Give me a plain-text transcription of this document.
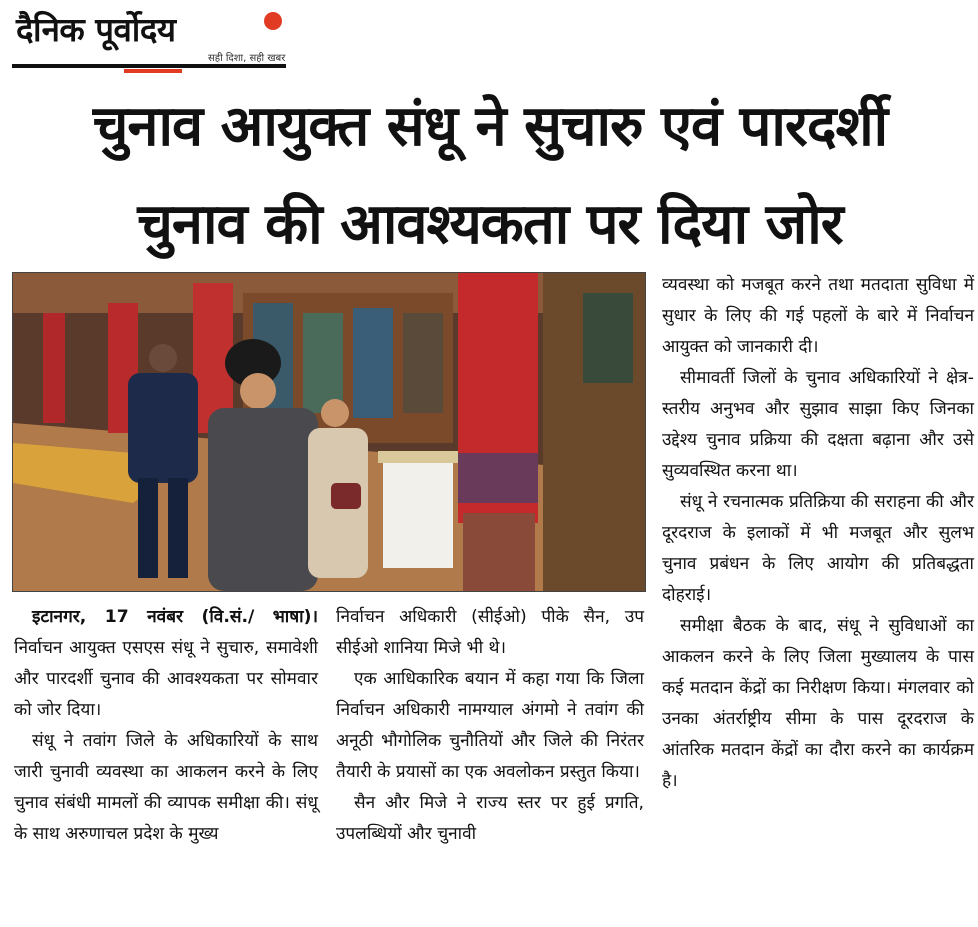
दैनिक पूर्वोदय
सही दिशा, सही खबर
चुनाव आयुक्त संधू ने सुचारु एवं पारदर्शी
चुनाव की आवश्यकता पर दिया जोर

व्यवस्था को मजबूत करने तथा मतदाता सुविधा में सुधार के लिए की गई पहलों के बारे में निर्वाचन आयुक्त को जानकारी दी।

सीमावर्ती जिलों के चुनाव अधिकारियों ने क्षेत्र-स्तरीय अनुभव और सुझाव साझा किए जिनका उद्देश्य चुनाव प्रक्रिया की दक्षता बढ़ाना और उसे सुव्यवस्थित करना था।

संधू ने रचनात्मक प्रतिक्रिया की सराहना की और दूरदराज के इलाकों में भी मजबूत और सुलभ चुनाव प्रबंधन के लिए आयोग की प्रतिबद्धता दोहराई।

समीक्षा बैठक के बाद, संधू ने सुविधाओं का आकलन करने के लिए जिला मुख्यालय के पास कई मतदान केंद्रों का निरीक्षण किया। मंगलवार को उनका अंतर्राष्ट्रीय सीमा के पास दूरदराज के आंतरिक मतदान केंद्रों का दौरा करने का कार्यक्रम है।

इटानगर, 17 नवंबर (वि.सं./ भाषा)। निर्वाचन आयुक्त एसएस संधू ने सुचारु, समावेशी और पारदर्शी चुनाव की आवश्यकता पर सोमवार को जोर दिया।

संधू ने तवांग जिले के अधिकारियों के साथ जारी चुनावी व्यवस्था का आकलन करने के लिए चुनाव संबंधी मामलों की व्यापक समीक्षा की। संधू के साथ अरुणाचल प्रदेश के मुख्य

निर्वाचन अधिकारी (सीईओ) पीके सैन, उप सीईओ शानिया मिजे भी थे।

एक आधिकारिक बयान में कहा गया कि जिला निर्वाचन अधिकारी नामग्याल अंगमो ने तवांग की अनूठी भौगोलिक चुनौतियों और जिले की निरंतर तैयारी के प्रयासों का एक अवलोकन प्रस्तुत किया।

सैन और मिजे ने राज्य स्तर पर हुई प्रगति, उपलब्धियों और चुनावी
